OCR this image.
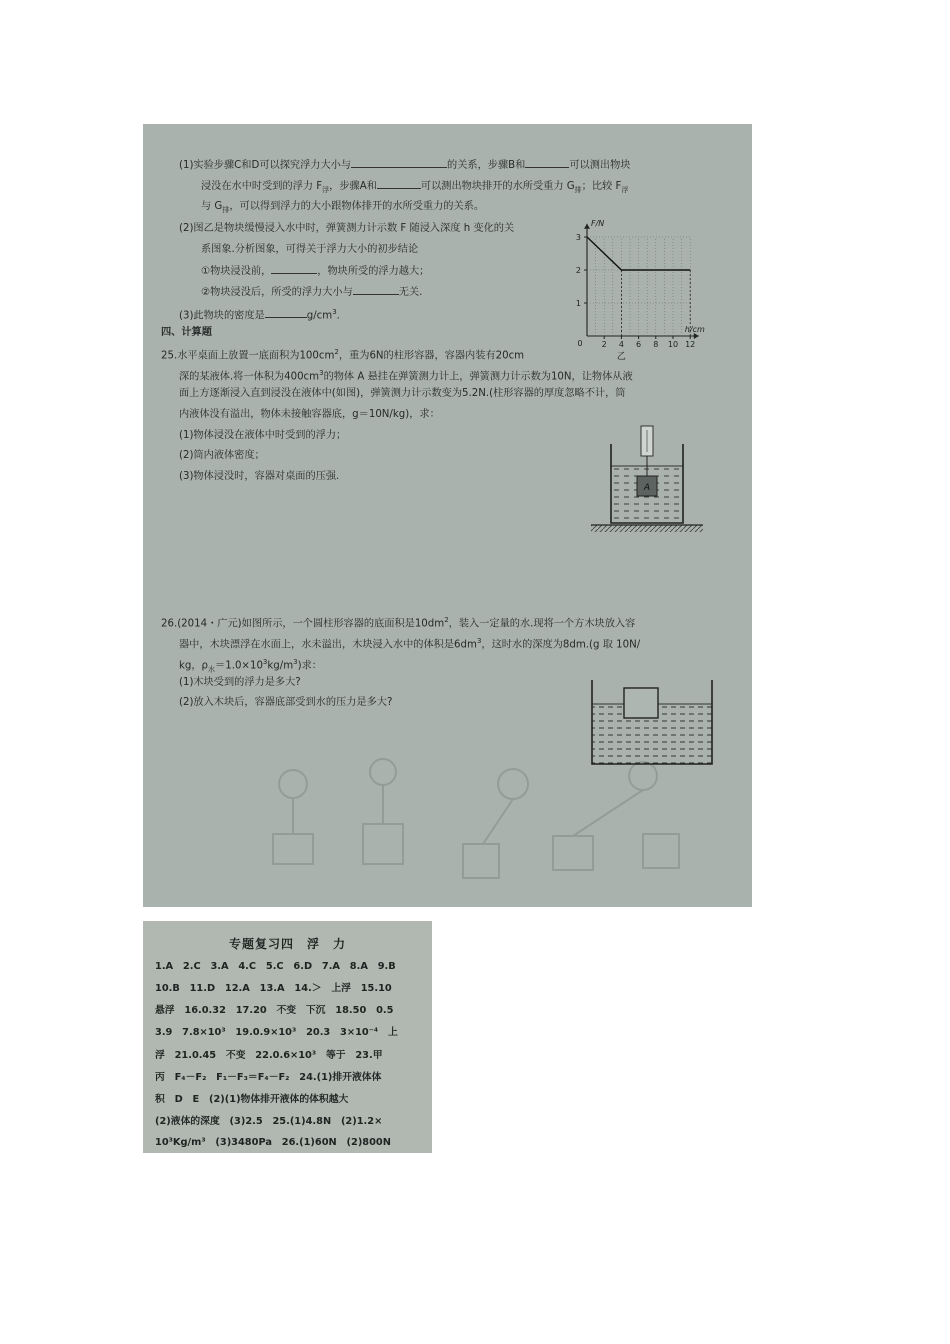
(1)实验步骤C和D可以探究浮力大小与	的关系，步骤B和	可以测出物块
浸没在水中时受到的浮力 $F_浮$，步骤A和	可以测出物块排开的水所受重力 $G_排$；比较 $F_浮$
与 $G_排$，可以得到浮力的大小跟物体排开的水所受重力的关系。
(2)图乙是物块缓慢浸入水中时，弹簧测力计示数 F 随浸入深度 h 变化的关
系图象.分析图象，可得关于浮力大小的初步结论
①物块浸没前，	，物块所受的浮力越大；
②物块浸没后，所受的浮力大小与	无关.
(3)此物块的密度是	$g/cm^3$.
四、计算题
1
2
3
2 4 6 8 10 12
0
F/N
h/cm
乙
25.水平桌面上放置一底面积为$100cm^2$，重为6N的柱形容器，容器内装有20cm
深的某液体.将一体积为$400cm^3$的物体 A 悬挂在弹簧测力计上，弹簧测力计示数为10N，让物体从液
面上方逐渐浸入直到浸没在液体中(如图)，弹簧测力计示数变为5.2N.(柱形容器的厚度忽略不计，筒
内液体没有溢出，物体未接触容器底，g＝10N/kg)，求：
(1)物体浸没在液体中时受到的浮力；
(2)筒内液体密度；
(3)物体浸没时，容器对桌面的压强.
A
26.(2014・广元)如图所示，一个圆柱形容器的底面积是$10dm^2$，装入一定量的水.现将一个方木块放入容
器中，木块漂浮在水面上，水未溢出，木块浸入水中的体积是$6dm^3$，这时水的深度为8dm.(g 取 10N/
kg，$\rho_水=1.0\times 10^3kg/m^3$)求：
(1)木块受到的浮力是多大?
(2)放入木块后，容器底部受到水的压力是多大?
专题复习四　浮　力
1.A　2.C　3.A　4.C　5.C　6.D　7.A　8.A　9.B
10.B　11.D　12.A　13.A　14.＞　上浮　15.10
悬浮　16.0.32　17.20　不变　下沉　18.50　0.5
3.9　7.8×10³　19.0.9×10³　20.3　3×10⁻⁴　上
浮　21.0.45　不变　22.0.6×10³　等于　23.甲
丙　F₄－F₂　F₁－F₃＝F₄－F₂　24.(1)排开液体体
积　D　E　(2)(1)物体排开液体的体积越大
(2)液体的深度　(3)2.5　25.(1)4.8N　(2)1.2×
10³Kg/m³　(3)3480Pa　26.(1)60N　(2)800N
